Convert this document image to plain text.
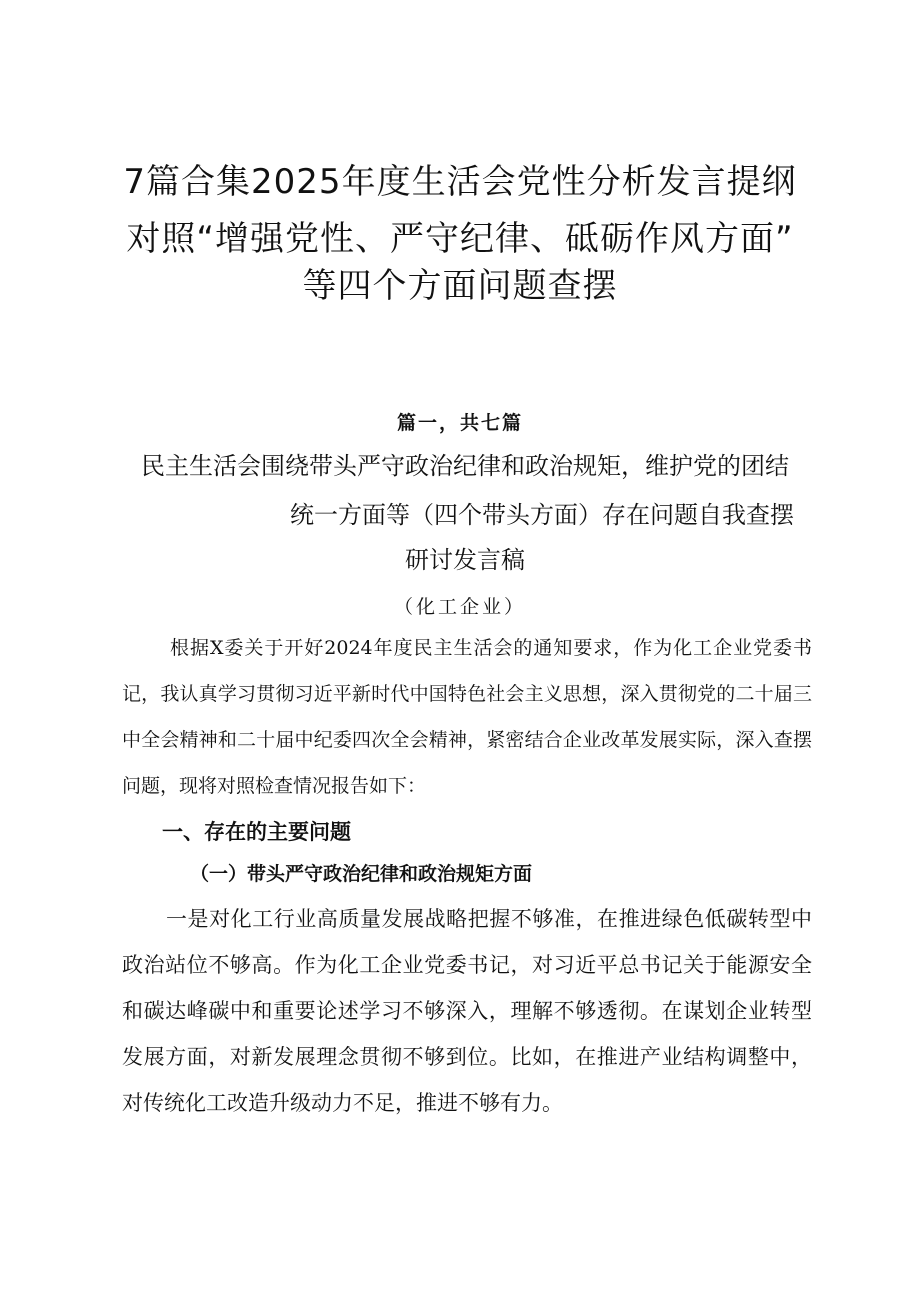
7篇合集2025年度生活会党性分析发言提纲
对照“增强党性、严守纪律、砥砺作风方面”
等四个方面问题查摆
篇一，共七篇
民主生活会围绕带头严守政治纪律和政治规矩，维护党的团结
统一方面等（四个带头方面）存在问题自我查摆
研讨发言稿
（化工企业）

根据X委关于开好2024年度民主生活会的通知要求，作为化工企业党委书记，我认真学习贯彻习近平新时代中国特色社会主义思想，深入贯彻党的二十届三中全会精神和二十届中纪委四次全会精神，紧密结合企业改革发展实际，深入查摆问题，现将对照检查情况报告如下：

一、存在的主要问题
（一）带头严守政治纪律和政治规矩方面

一是对化工行业高质量发展战略把握不够准，在推进绿色低碳转型中政治站位不够高。作为化工企业党委书记，对习近平总书记关于能源安全和碳达峰碳中和重要论述学习不够深入，理解不够透彻。在谋划企业转型发展方面，对新发展理念贯彻不够到位。比如，在推进产业结构调整中，对传统化工改造升级动力不足，推进不够有力。
